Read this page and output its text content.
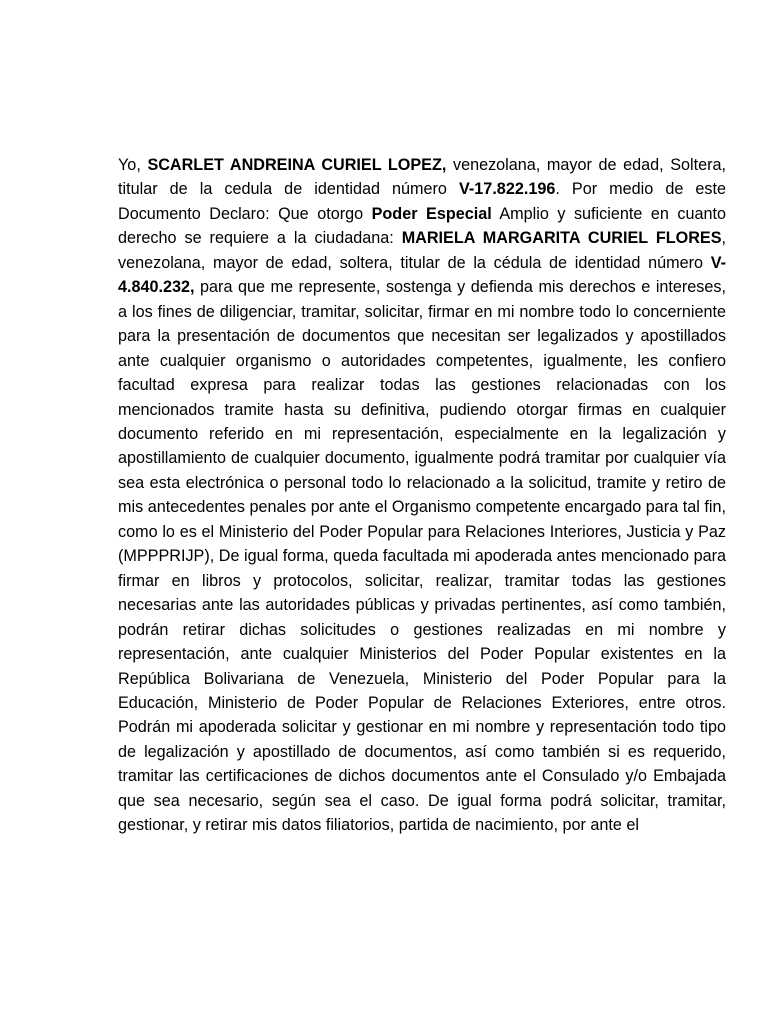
Yo, SCARLET ANDREINA CURIEL LOPEZ, venezolana, mayor de edad, Soltera, titular de la cedula de identidad número V-17.822.196. Por medio de este Documento Declaro: Que otorgo Poder Especial Amplio y suficiente en cuanto derecho se requiere a la ciudadana: MARIELA MARGARITA CURIEL FLORES, venezolana, mayor de edad, soltera, titular de la cédula de identidad número V-4.840.232, para que me represente, sostenga y defienda mis derechos e intereses, a los fines de diligenciar, tramitar, solicitar, firmar en mi nombre todo lo concerniente para la presentación de documentos que necesitan ser legalizados y apostillados ante cualquier organismo o autoridades competentes, igualmente, les confiero facultad expresa para realizar todas las gestiones relacionadas con los mencionados tramite hasta su definitiva, pudiendo otorgar firmas en cualquier documento referido en mi representación, especialmente en la legalización y apostillamiento de cualquier documento, igualmente podrá tramitar por cualquier vía sea esta electrónica o personal todo lo relacionado a la solicitud, tramite y retiro de mis antecedentes penales por ante el Organismo competente encargado para tal fin, como lo es el Ministerio del Poder Popular para Relaciones Interiores, Justicia y Paz (MPPPRIJP), De igual forma, queda facultada mi apoderada antes mencionado para firmar en libros y protocolos, solicitar, realizar, tramitar todas las gestiones necesarias ante las autoridades públicas y privadas pertinentes, así como también, podrán retirar dichas solicitudes o gestiones realizadas en mi nombre y representación, ante cualquier Ministerios del Poder Popular existentes en la República Bolivariana de Venezuela, Ministerio del Poder Popular para la Educación, Ministerio de Poder Popular de Relaciones Exteriores, entre otros. Podrán mi apoderada solicitar y gestionar en mi nombre y representación todo tipo de legalización y apostillado de documentos, así como también si es requerido, tramitar las certificaciones de dichos documentos ante el Consulado y/o Embajada que sea necesario, según sea el caso. De igual forma podrá solicitar, tramitar, gestionar, y retirar mis datos filiatorios, partida de nacimiento, por ante el
